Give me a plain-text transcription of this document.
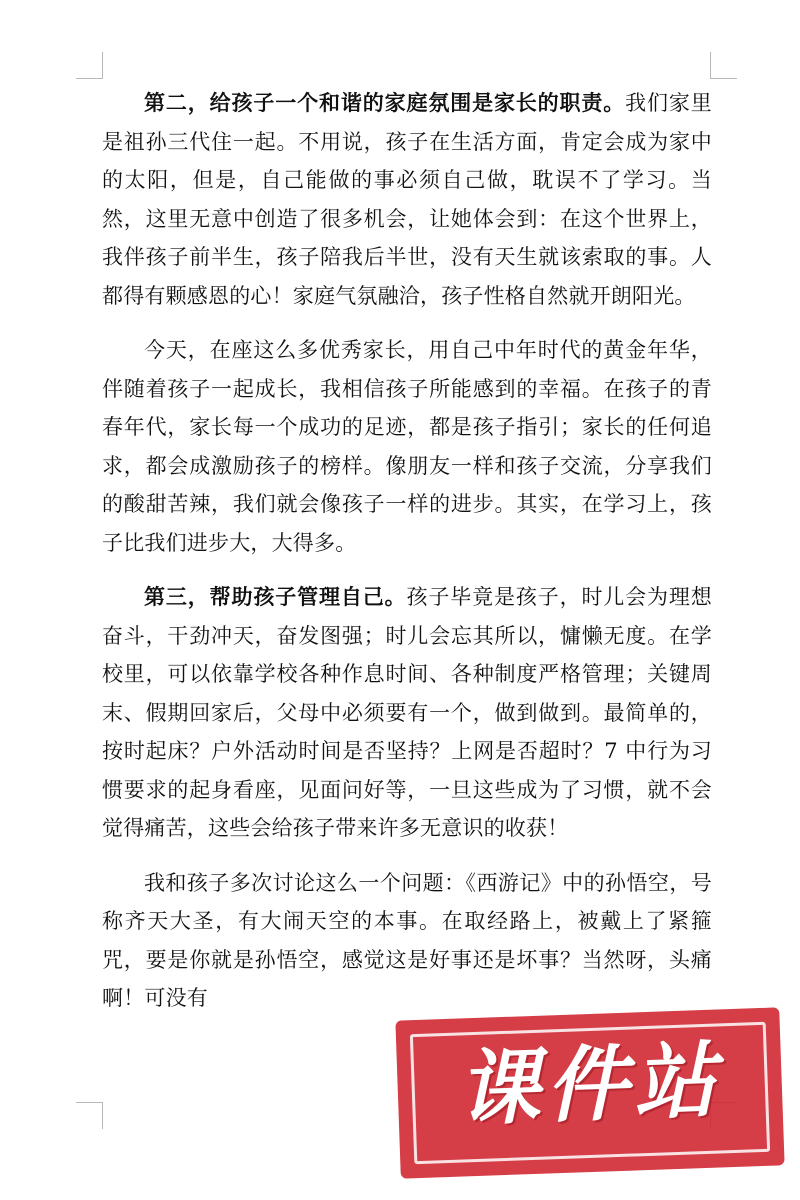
第二，给孩子一个和谐的家庭氛围是家长的职责。我们家里是祖孙三代住一起。不用说，孩子在生活方面，肯定会成为家中的太阳，但是，自己能做的事必须自己做，耽误不了学习。当然，这里无意中创造了很多机会，让她体会到：在这个世界上，我伴孩子前半生，孩子陪我后半世，没有天生就该索取的事。人都得有颗感恩的心！家庭气氛融洽，孩子性格自然就开朗阳光。

今天，在座这么多优秀家长，用自己中年时代的黄金年华，伴随着孩子一起成长，我相信孩子所能感到的幸福。在孩子的青春年代，家长每一个成功的足迹，都是孩子指引；家长的任何追求，都会成激励孩子的榜样。像朋友一样和孩子交流，分享我们的酸甜苦辣，我们就会像孩子一样的进步。其实，在学习上，孩子比我们进步大，大得多。

第三，帮助孩子管理自己。孩子毕竟是孩子，时儿会为理想奋斗，干劲冲天，奋发图强；时儿会忘其所以，慵懒无度。在学校里，可以依靠学校各种作息时间、各种制度严格管理；关键周末、假期回家后，父母中必须要有一个，做到做到。最简单的，按时起床？户外活动时间是否坚持？上网是否超时？7 中行为习惯要求的起身看座，见面问好等，一旦这些成为了习惯，就不会觉得痛苦，这些会给孩子带来许多无意识的收获！

我和孩子多次讨论这么一个问题：《西游记》中的孙悟空，号称齐天大圣，有大闹天空的本事。在取经路上，被戴上了紧箍咒，要是你就是孙悟空，感觉这是好事还是坏事？当然呀，头痛啊！可没有

课件站
